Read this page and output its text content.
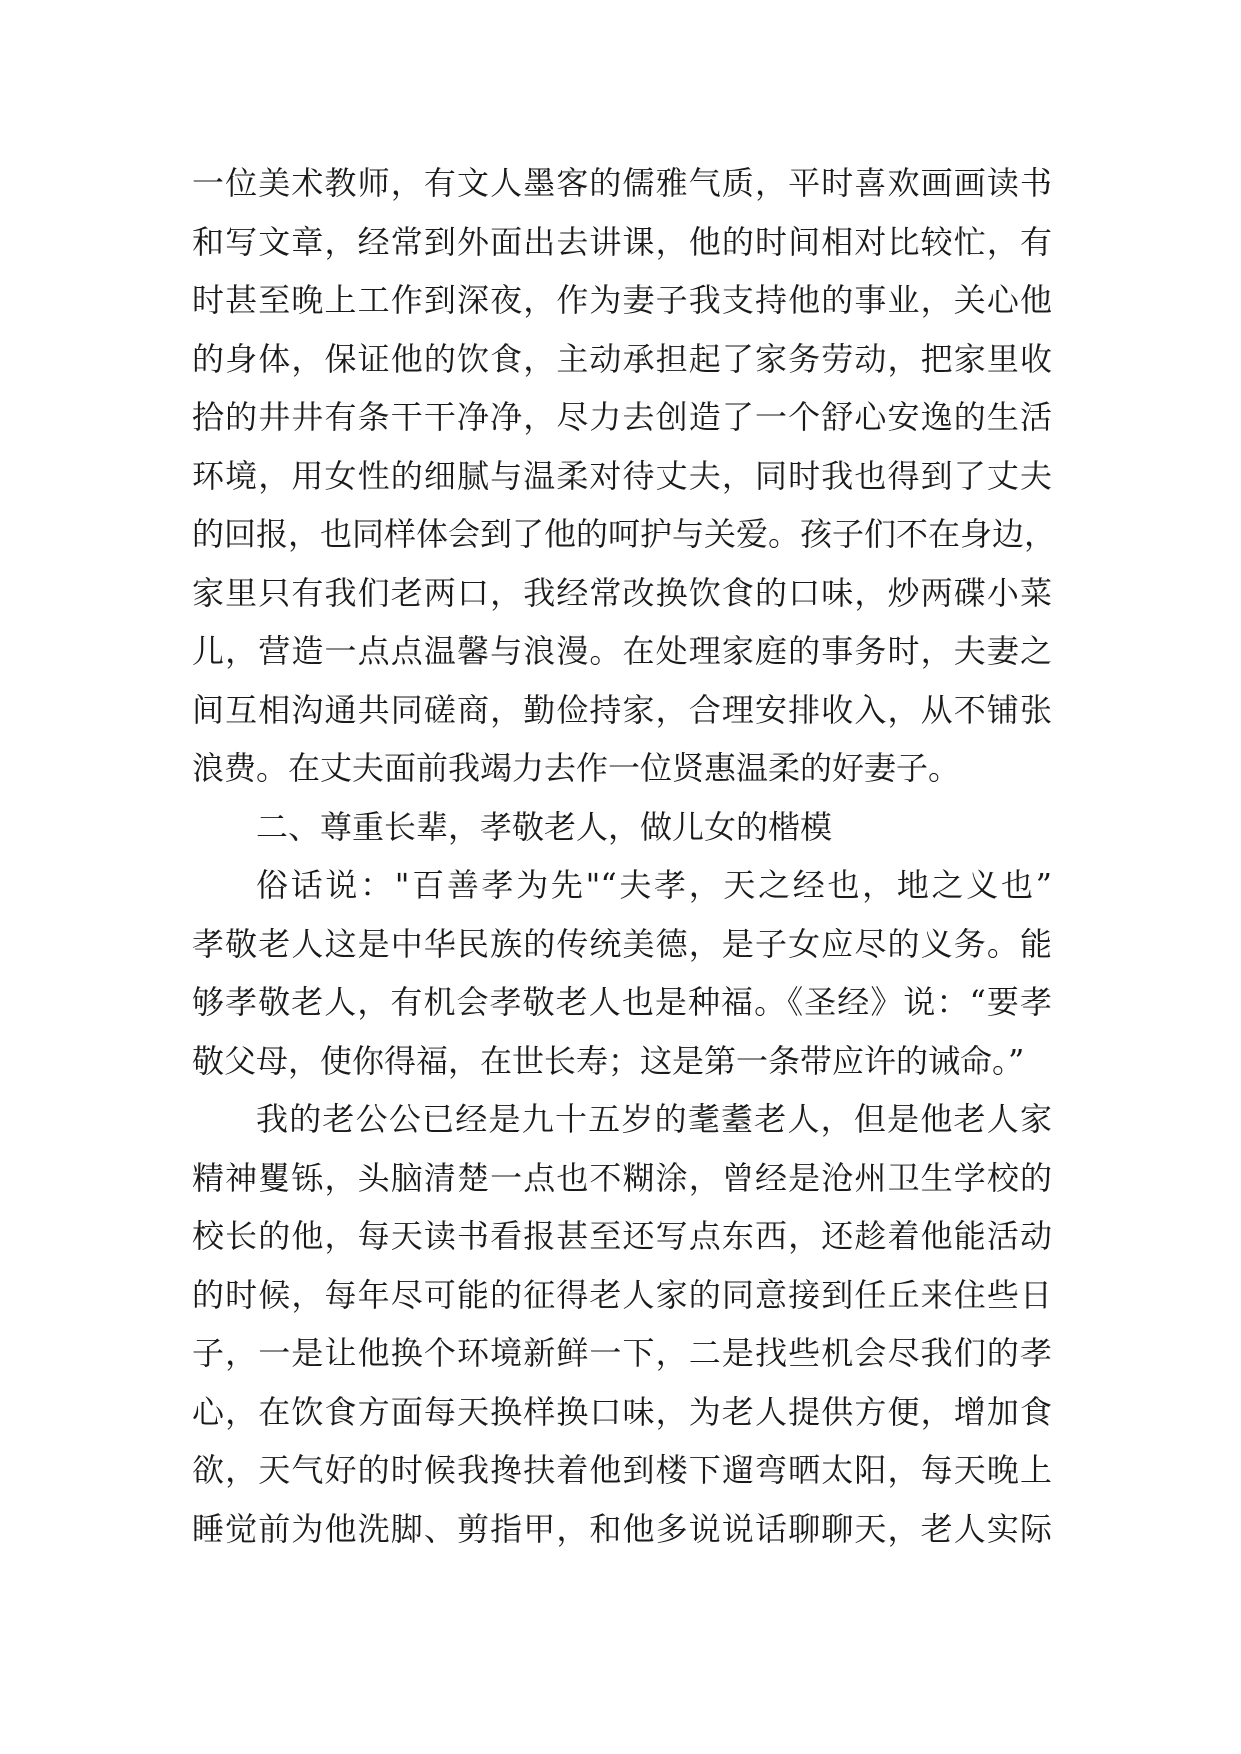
一位美术教师，有文人墨客的儒雅气质，平时喜欢画画读书
和写文章，经常到外面出去讲课，他的时间相对比较忙，有
时甚至晚上工作到深夜，作为妻子我支持他的事业，关心他
的身体，保证他的饮食，主动承担起了家务劳动，把家里收
拾的井井有条干干净净，尽力去创造了一个舒心安逸的生活
环境，用女性的细腻与温柔对待丈夫，同时我也得到了丈夫
的回报，也同样体会到了他的呵护与关爱。孩子们不在身边，
家里只有我们老两口，我经常改换饮食的口味，炒两碟小菜
儿，营造一点点温馨与浪漫。在处理家庭的事务时，夫妻之
间互相沟通共同磋商，勤俭持家，合理安排收入，从不铺张
浪费。在丈夫面前我竭力去作一位贤惠温柔的好妻子。
二、尊重长辈，孝敬老人，做儿女的楷模
俗话说："百善孝为先"“夫孝，天之经也，地之义也”
孝敬老人这是中华民族的传统美德，是子女应尽的义务。能
够孝敬老人，有机会孝敬老人也是种福。《圣经》说：“要孝
敬父母，使你得福，在世长寿；这是第一条带应许的诫命。”
我的老公公已经是九十五岁的耄耋老人，但是他老人家
精神矍铄，头脑清楚一点也不糊涂，曾经是沧州卫生学校的
校长的他，每天读书看报甚至还写点东西，还趁着他能活动
的时候，每年尽可能的征得老人家的同意接到任丘来住些日
子，一是让他换个环境新鲜一下，二是找些机会尽我们的孝
心，在饮食方面每天换样换口味，为老人提供方便，增加食
欲，天气好的时候我搀扶着他到楼下遛弯晒太阳，每天晚上
睡觉前为他洗脚、剪指甲，和他多说说话聊聊天，老人实际
